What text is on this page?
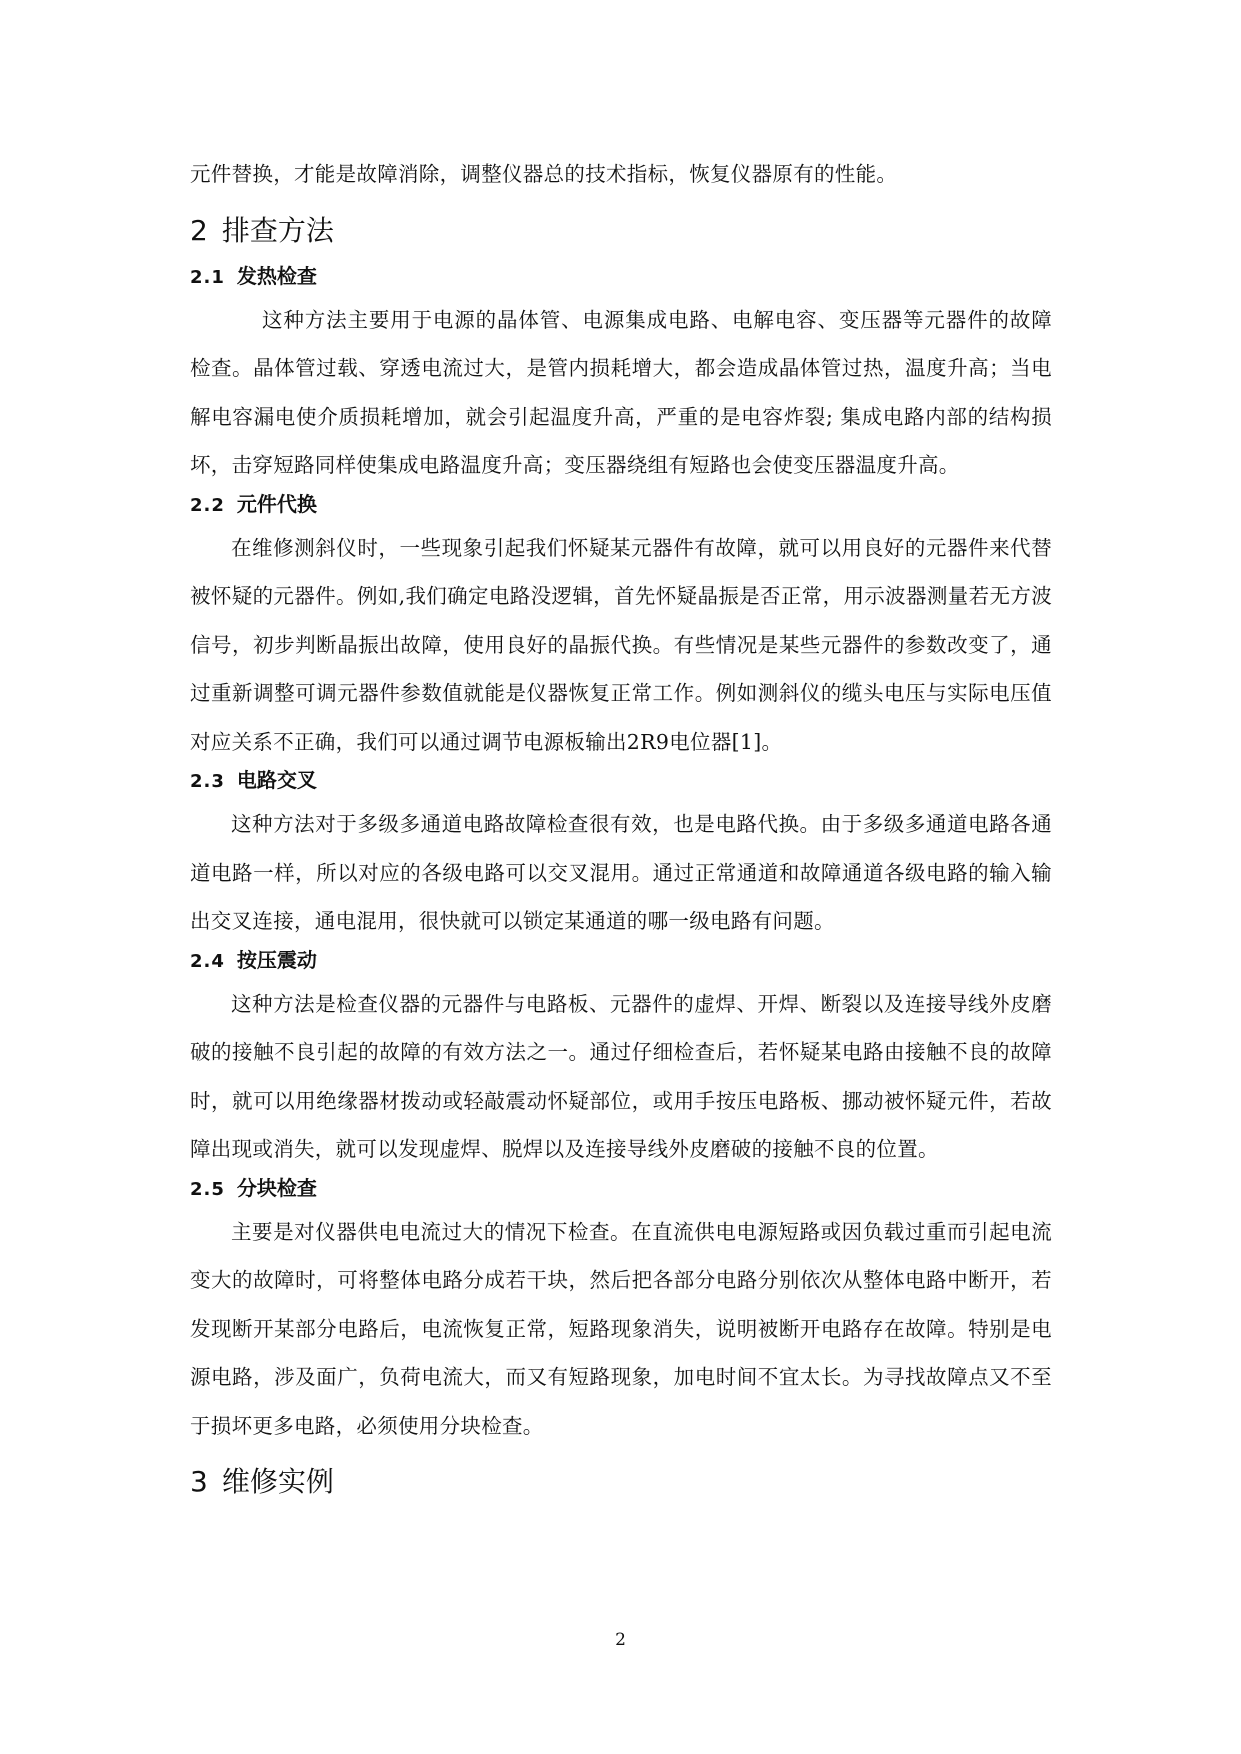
元件替换，才能是故障消除，调整仪器总的技术指标，恢复仪器原有的性能。

2 排查方法
2.1 发热检查

这种方法主要用于电源的晶体管、电源集成电路、电解电容、变压器等元器件的故障检查。晶体管过载、穿透电流过大，是管内损耗增大，都会造成晶体管过热，温度升高；当电解电容漏电使介质损耗增加，就会引起温度升高，严重的是电容炸裂; 集成电路内部的结构损坏，击穿短路同样使集成电路温度升高；变压器绕组有短路也会使变压器温度升高。

2.2 元件代换

在维修测斜仪时，一些现象引起我们怀疑某元器件有故障，就可以用良好的元器件来代替被怀疑的元器件。例如,我们确定电路没逻辑，首先怀疑晶振是否正常，用示波器测量若无方波信号，初步判断晶振出故障，使用良好的晶振代换。有些情况是某些元器件的参数改变了，通过重新调整可调元器件参数值就能是仪器恢复正常工作。例如测斜仪的缆头电压与实际电压值对应关系不正确，我们可以通过调节电源板输出2R9电位器[1]。

2.3 电路交叉

这种方法对于多级多通道电路故障检查很有效，也是电路代换。由于多级多通道电路各通道电路一样，所以对应的各级电路可以交叉混用。通过正常通道和故障通道各级电路的输入输出交叉连接，通电混用，很快就可以锁定某通道的哪一级电路有问题。

2.4 按压震动

这种方法是检查仪器的元器件与电路板、元器件的虚焊、开焊、断裂以及连接导线外皮磨破的接触不良引起的故障的有效方法之一。通过仔细检查后，若怀疑某电路由接触不良的故障时，就可以用绝缘器材拨动或轻敲震动怀疑部位，或用手按压电路板、挪动被怀疑元件，若故障出现或消失，就可以发现虚焊、脱焊以及连接导线外皮磨破的接触不良的位置。

2.5 分块检查

主要是对仪器供电电流过大的情况下检查。在直流供电电源短路或因负载过重而引起电流变大的故障时，可将整体电路分成若干块，然后把各部分电路分别依次从整体电路中断开，若发现断开某部分电路后，电流恢复正常，短路现象消失，说明被断开电路存在故障。特别是电源电路，涉及面广，负荷电流大，而又有短路现象，加电时间不宜太长。为寻找故障点又不至于损坏更多电路，必须使用分块检查。

3 维修实例
2
